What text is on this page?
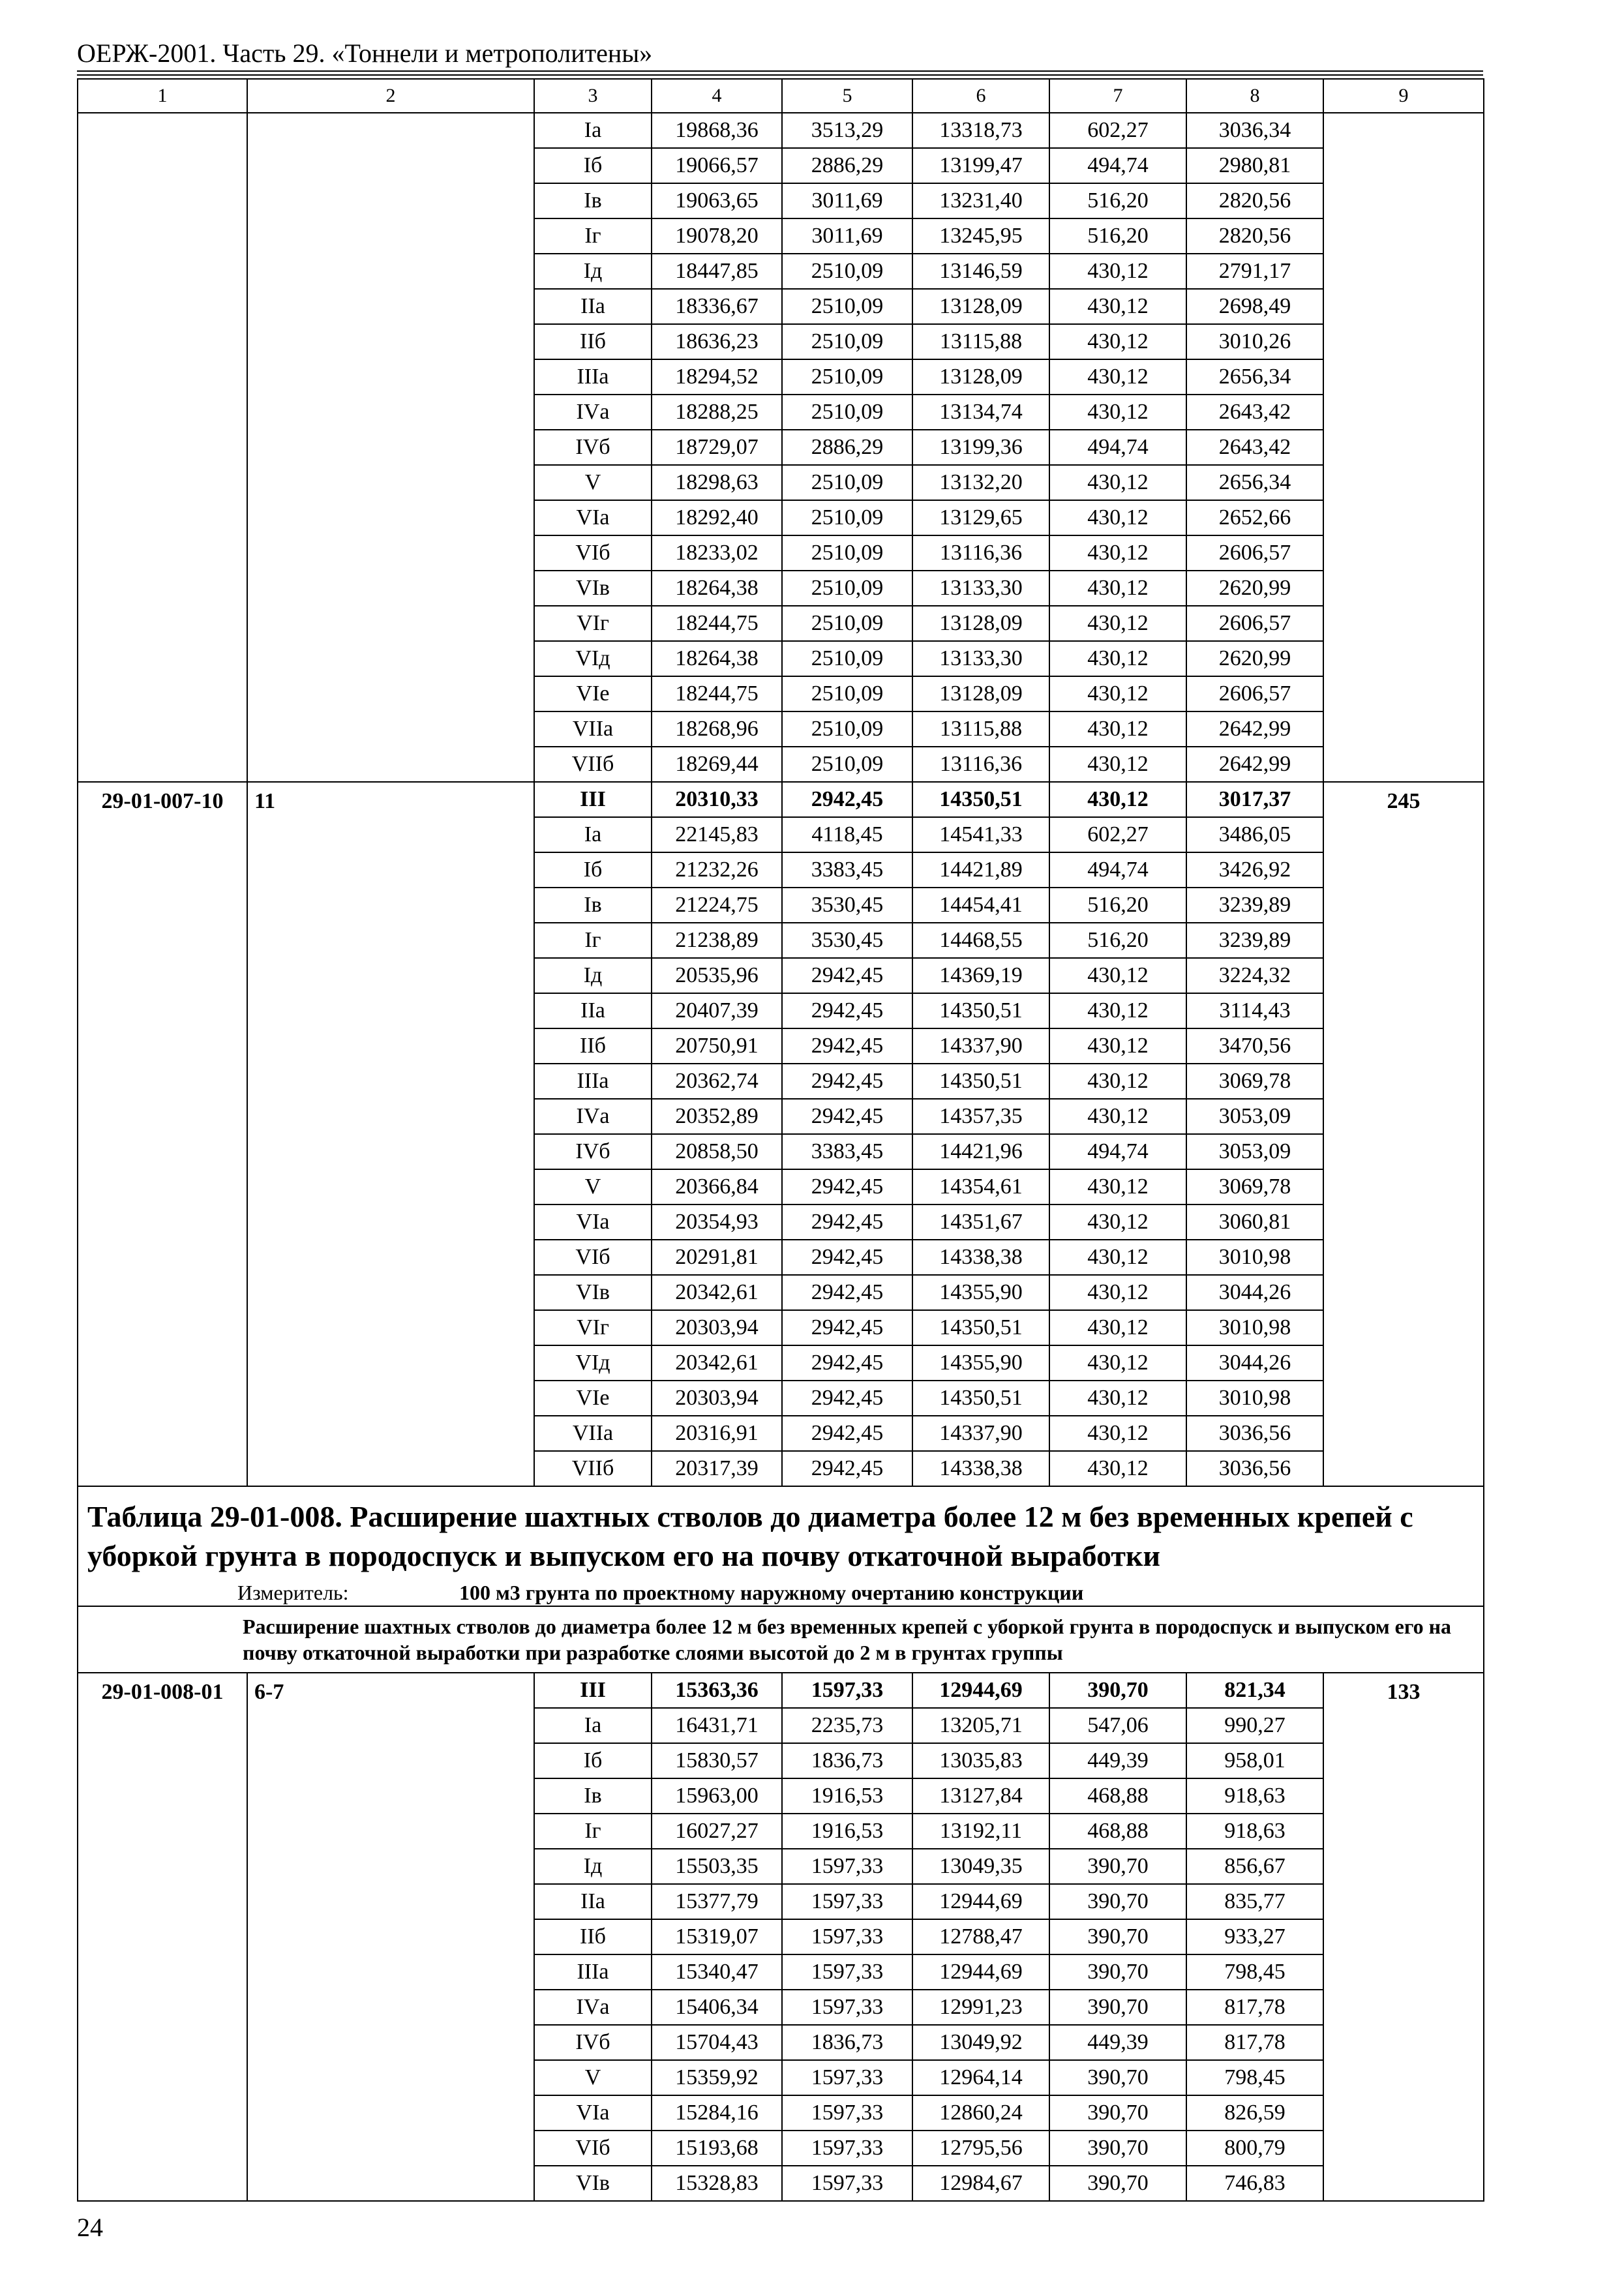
ОЕРЖ-2001. Часть 29. «Тоннели и метрополитены»
1	2	3	4	5	6	7	8	9
		Iа	19868,36	3513,29	13318,73	602,27	3036,34	
		Iб	19066,57	2886,29	13199,47	494,74	2980,81	
		Iв	19063,65	3011,69	13231,40	516,20	2820,56	
		Iг	19078,20	3011,69	13245,95	516,20	2820,56	
		Iд	18447,85	2510,09	13146,59	430,12	2791,17	
		IIа	18336,67	2510,09	13128,09	430,12	2698,49	
		IIб	18636,23	2510,09	13115,88	430,12	3010,26	
		IIIа	18294,52	2510,09	13128,09	430,12	2656,34	
		IVа	18288,25	2510,09	13134,74	430,12	2643,42	
		IVб	18729,07	2886,29	13199,36	494,74	2643,42	
		V	18298,63	2510,09	13132,20	430,12	2656,34	
		VIа	18292,40	2510,09	13129,65	430,12	2652,66	
		VIб	18233,02	2510,09	13116,36	430,12	2606,57	
		VIв	18264,38	2510,09	13133,30	430,12	2620,99	
		VIг	18244,75	2510,09	13128,09	430,12	2606,57	
		VIд	18264,38	2510,09	13133,30	430,12	2620,99	
		VIе	18244,75	2510,09	13128,09	430,12	2606,57	
		VIIа	18268,96	2510,09	13115,88	430,12	2642,99	
		VIIб	18269,44	2510,09	13116,36	430,12	2642,99	
29-01-007-10	11	III	20310,33	2942,45	14350,51	430,12	3017,37	245
		Iа	22145,83	4118,45	14541,33	602,27	3486,05	
		Iб	21232,26	3383,45	14421,89	494,74	3426,92	
		Iв	21224,75	3530,45	14454,41	516,20	3239,89	
		Iг	21238,89	3530,45	14468,55	516,20	3239,89	
		Iд	20535,96	2942,45	14369,19	430,12	3224,32	
		IIа	20407,39	2942,45	14350,51	430,12	3114,43	
		IIб	20750,91	2942,45	14337,90	430,12	3470,56	
		IIIа	20362,74	2942,45	14350,51	430,12	3069,78	
		IVа	20352,89	2942,45	14357,35	430,12	3053,09	
		IVб	20858,50	3383,45	14421,96	494,74	3053,09	
		V	20366,84	2942,45	14354,61	430,12	3069,78	
		VIа	20354,93	2942,45	14351,67	430,12	3060,81	
		VIб	20291,81	2942,45	14338,38	430,12	3010,98	
		VIв	20342,61	2942,45	14355,90	430,12	3044,26	
		VIг	20303,94	2942,45	14350,51	430,12	3010,98	
		VIд	20342,61	2942,45	14355,90	430,12	3044,26	
		VIе	20303,94	2942,45	14350,51	430,12	3010,98	
		VIIа	20316,91	2942,45	14337,90	430,12	3036,56	
		VIIб	20317,39	2942,45	14338,38	430,12	3036,56	

Таблица 29-01-008. Расширение шахтных стволов до диаметра более 12 м без временных крепей с уборкой грунта в породоспуск и выпуском его на почву откаточной выработки
Измеритель: 100 м3 грунта по проектному наружному очертанию конструкции								

Расширение шахтных стволов до диаметра более 12 м без временных крепей с уборкой грунта в породоспуск и выпуском его на почву откаточной выработки при разработке слоями высотой до 2 м в грунтах группы								

29-01-008-01	6-7	III	15363,36	1597,33	12944,69	390,70	821,34	133
		Iа	16431,71	2235,73	13205,71	547,06	990,27	
		Iб	15830,57	1836,73	13035,83	449,39	958,01	
		Iв	15963,00	1916,53	13127,84	468,88	918,63	
		Iг	16027,27	1916,53	13192,11	468,88	918,63	
		Iд	15503,35	1597,33	13049,35	390,70	856,67	
		IIа	15377,79	1597,33	12944,69	390,70	835,77	
		IIб	15319,07	1597,33	12788,47	390,70	933,27	
		IIIа	15340,47	1597,33	12944,69	390,70	798,45	
		IVа	15406,34	1597,33	12991,23	390,70	817,78	
		IVб	15704,43	1836,73	13049,92	449,39	817,78	
		V	15359,92	1597,33	12964,14	390,70	798,45	
		VIа	15284,16	1597,33	12860,24	390,70	826,59	
		VIб	15193,68	1597,33	12795,56	390,70	800,79	
		VIв	15328,83	1597,33	12984,67	390,70	746,83	
24
